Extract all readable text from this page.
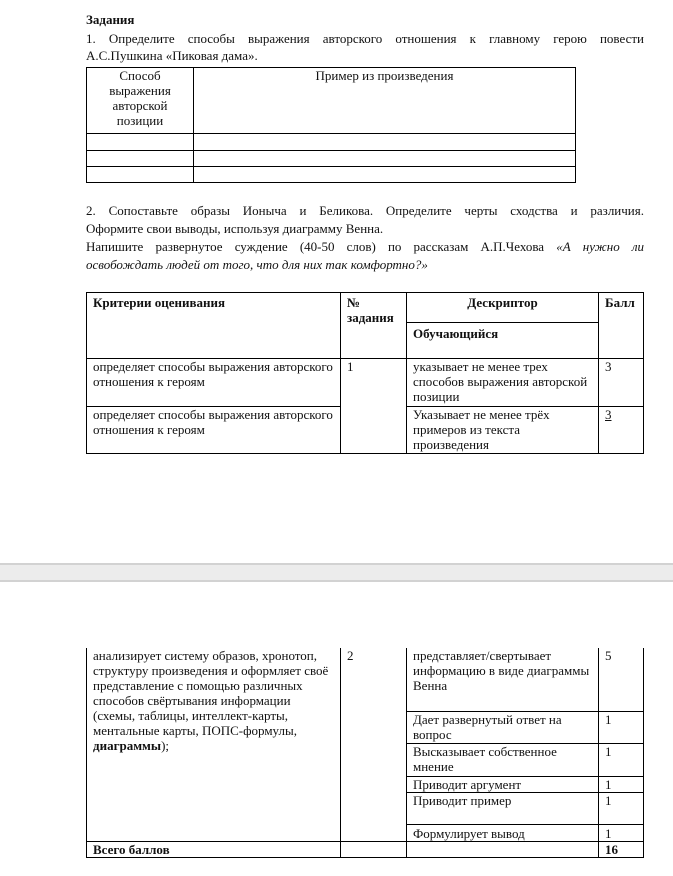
Задания
1. Определите способы выражения авторского отношения к главному герою повести
А.С.Пушкина «Пиковая дама».
Способ выражения авторской позиции	Пример из произведения

2. Сопоставьте образы Ионыча и Беликова. Определите черты сходства и различия.
Оформите свои выводы, используя диаграмму Венна.
Напишите развернутое суждение (40-50 слов) по рассказам А.П.Чехова «А нужно ли
освобождать людей от того, что для них так комфортно?»
Критерии оценивания	№ задания	Дескриптор	Балл
		Обучающийся	
определяет способы выражения авторского отношения к героям	1	указывает не менее трех способов выражения авторской позиции	3
определяет способы выражения авторского отношения к героям		Указывает не менее трёх примеров из текста произведения	3
анализирует систему образов, хронотоп, структуру произведения и оформляет своё представление с помощью различных способов свёртывания информации (схемы, таблицы, интеллект-карты, ментальные карты, ПОПС-формулы, диаграммы);	2	представляет/свертывает информацию в виде диаграммы Венна	5
		Дает развернутый ответ на вопрос	1
		Высказывает собственное мнение	1
		Приводит аргумент	1
		Приводит пример	1
		Формулирует вывод	1
Всего баллов			16
